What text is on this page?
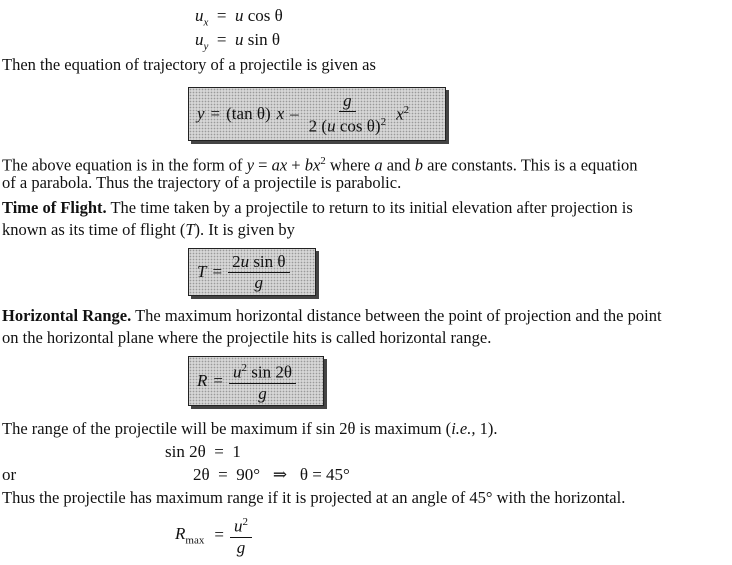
$u_x = u$ cos θ
$u_y = u$ sin θ
Then the equation of trajectory of a projectile is given as
y = (tan θ) x – $\frac{g}{2 (u \cos \theta)^2} x^2$
The above equation is in the form of y = ax + $bx^2$ where a and b are constants. This is a equation
of a parabola. Thus the trajectory of a projectile is parabolic.
Time of Flight. The time taken by a projectile to return to its initial elevation after projection is
known as its time of flight (T). It is given by
$T = \frac{\text{2u sin θ}}{g}$
Horizontal Range. The maximum horizontal distance between the point of projection and the point
on the horizontal plane where the projectile hits is called horizontal range.
$R = \frac{u^2 \sin 2\theta}{g}$
The range of the projectile will be maximum if sin 2θ is maximum (i.e., 1).
sin 2θ = 1
or	2θ = 90° ⇒ θ = 45°
Thus the projectile has maximum range if it is projected at an angle of 45° with the horizontal.
$R_{max} = \frac{u^2}{g}$
